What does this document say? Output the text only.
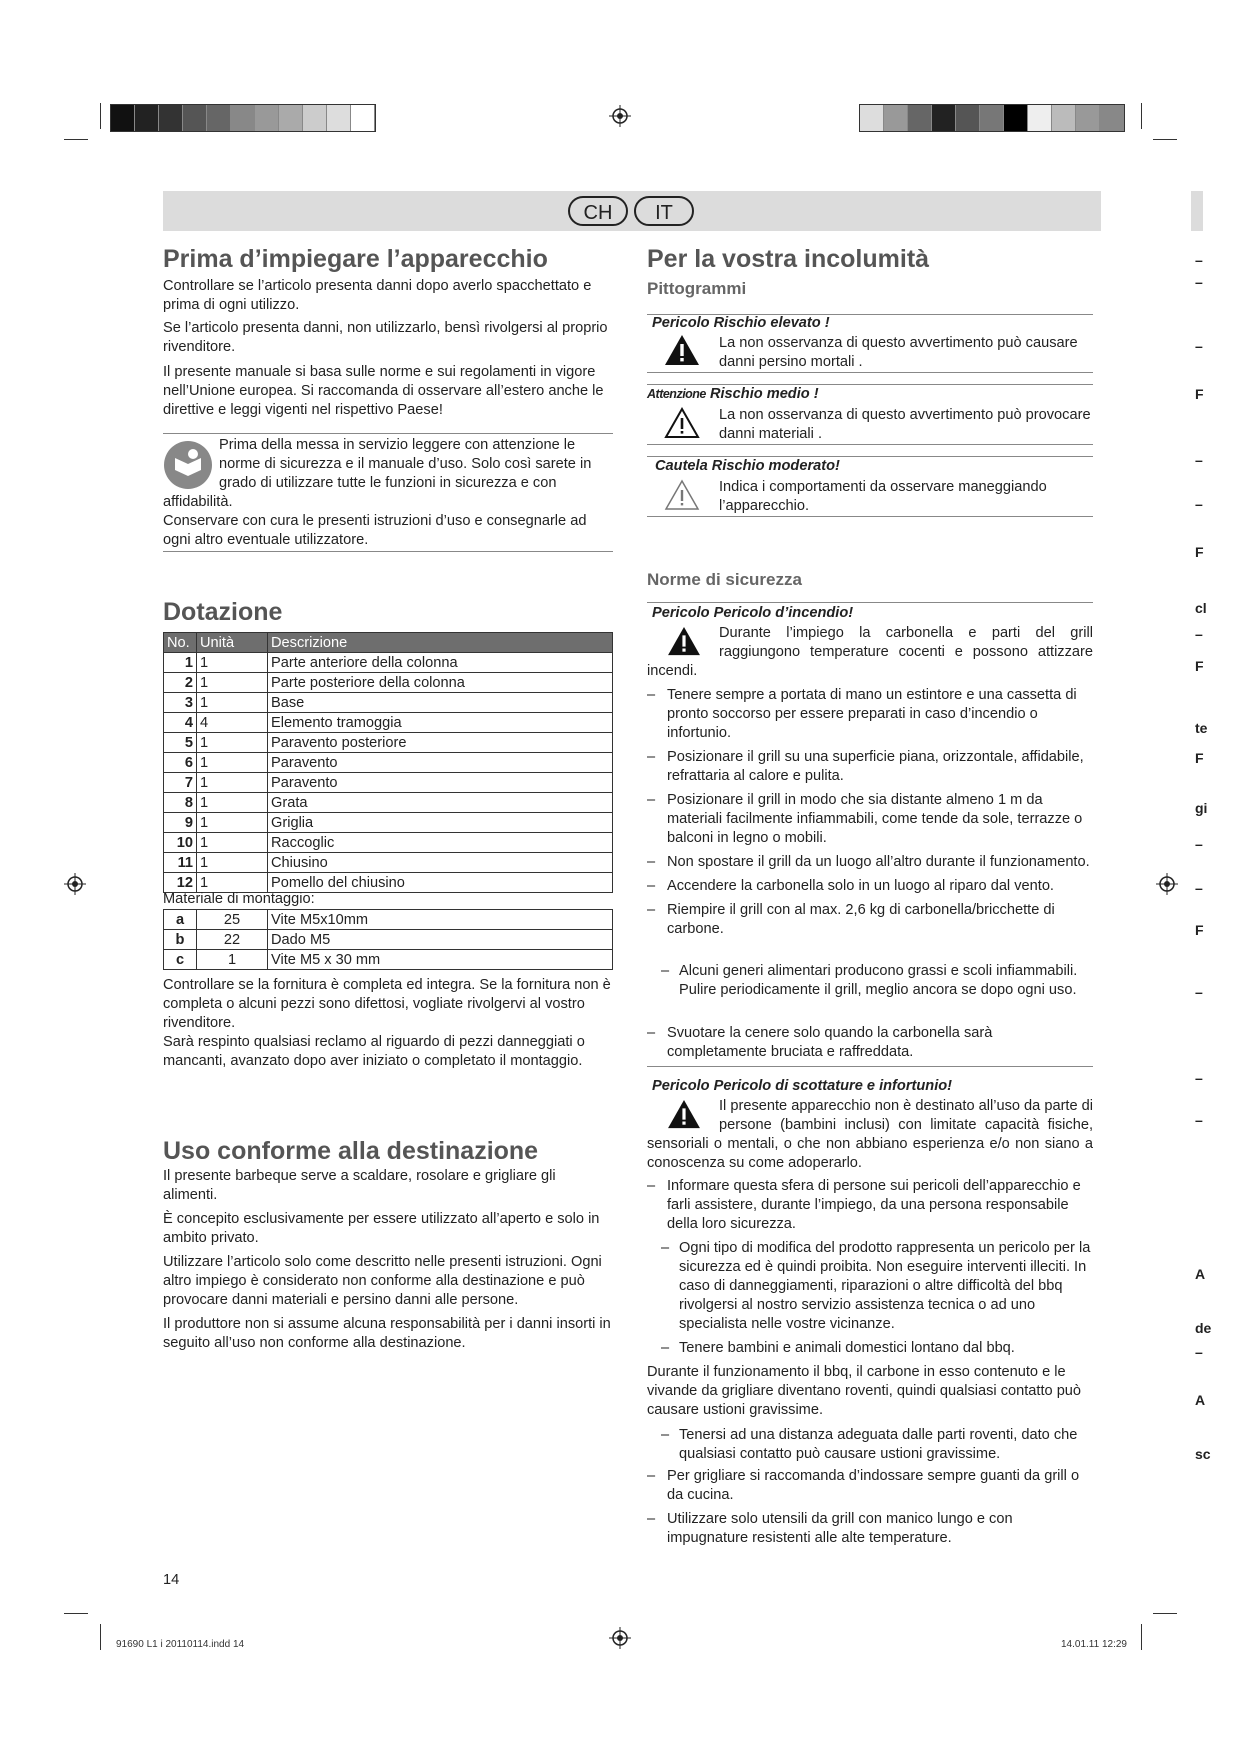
CH	IT
Prima d’impiegare l’apparecchio
Controllare se l’articolo presenta danni dopo averlo spacchettato e prima di ogni utilizzo.
Se l’articolo presenta danni, non utilizzarlo, bensì rivolgersi al proprio rivenditore.
Il presente manuale si basa sulle norme e sui regolamenti in vigore nell’Unione europea. Si raccomanda di osservare all’estero anche le direttive e leggi vigenti nel rispettivo Paese!
Prima della messa in servizio leggere con attenzione le norme di sicurezza e il manuale d’uso. Solo così sarete in grado di utilizzare tutte le funzioni in sicurezza e con affidabilità.
Conservare con cura le presenti istruzioni d’uso e consegnarle ad ogni altro eventuale utilizzatore.
Dotazione
No.	Unità	Descrizione
1	1	Parte anteriore della colonna
2	1	Parte posteriore della colonna
3	1	Base
4	4	Elemento tramoggia
5	1	Paravento posteriore
6	1	Paravento
7	1	Paravento
8	1	Grata
9	1	Griglia
10	1	Raccoglic
11	1	Chiusino
12	1	Pomello del chiusino
Materiale di montaggio:
a	25	Vite M5x10mm
b	22	Dado M5
c	1	Vite M5 x 30 mm
Controllare se la fornitura è completa ed integra. Se la fornitura non è completa o alcuni pezzi sono difettosi, vogliate rivolgervi al vostro rivenditore.
Sarà respinto qualsiasi reclamo al riguardo di pezzi danneggiati o mancanti, avanzato dopo aver iniziato o completato il montaggio.
Uso conforme alla destinazione
Il presente barbeque serve a scaldare, rosolare e grigliare gli alimenti.
È concepito esclusivamente per essere utilizzato all’aperto e solo in ambito privato.
Utilizzare l’articolo solo come descritto nelle presenti istruzioni. Ogni altro impiego è considerato non conforme alla destinazione e può provocare danni materiali e persino danni alle persone.
Il produttore non si assume alcuna responsabilità per i danni insorti in seguito all’uso non conforme alla destinazione.
Per la vostra incolumità
Pittogrammi
Pericolo Rischio elevato !
La non osservanza di questo avvertimento può causare danni persino mortali .
Attenzione Rischio medio !
La non osservanza di questo avvertimento può provocare danni materiali .
Cautela Rischio moderato!
Indica i comportamenti da osservare maneggiando l’apparecchio.
Norme di sicurezza
Pericolo Pericolo d’incendio!
Durante l’impiego la carbonella e parti del grill raggiungono temperature cocenti e possono attizzare incendi.
– Tenere sempre a portata di mano un estintore e una cassetta di pronto soccorso per essere preparati in caso d’incendio o infortunio.
– Posizionare il grill su una superficie piana, orizzontale, affidabile, refrattaria al calore e pulita.
– Posizionare il grill in modo che sia distante almeno 1 m da materiali facilmente infiammabili, come tende da sole, terrazze o balconi in legno o mobili.
– Non spostare il grill da un luogo all’altro durante il funzionamento.
– Accendere la carbonella solo in un luogo al riparo dal vento.
– Riempire il grill con al max. 2,6 kg di carbonella/bricchette di carbone.
– Alcuni generi alimentari producono grassi e scoli infiammabili. Pulire periodicamente il grill, meglio ancora se dopo ogni uso.
– Svuotare la cenere solo quando la carbonella sarà completamente bruciata e raffreddata.
Pericolo Pericolo di scottature e infortunio!
Il presente apparecchio non è destinato all’uso da parte di persone (bambini inclusi) con limitate capacità fisiche, sensoriali o mentali, o che non abbiano esperienza e/o non siano a conoscenza su come adoperarlo.
– Informare questa sfera di persone sui pericoli dell’apparecchio e farli assistere, durante l’impiego, da una persona responsabile della loro sicurezza.
– Ogni tipo di modifica del prodotto rappresenta un pericolo per la sicurezza ed è quindi proibita. Non eseguire interventi illeciti. In caso di danneggiamenti, riparazioni o altre difficoltà del bbq rivolgersi al nostro servizio assistenza tecnica o ad uno specialista nelle vostre vicinanze.
– Tenere bambini e animali domestici lontano dal bbq.
Durante il funzionamento il bbq, il carbone in esso contenuto e le vivande da grigliare diventano roventi, quindi qualsiasi contatto può causare ustioni gravissime.
– Tenersi ad una distanza adeguata dalle parti roventi, dato che qualsiasi contatto può causare ustioni gravissime.
– Per grigliare si raccomanda d’indossare sempre guanti da grill o da cucina.
– Utilizzare solo utensili da grill con manico lungo e con impugnature resistenti alle alte temperature.
–
–
–
F
–
–
F
cl
–
F
te
F
gi
–
–
F
–
–
–
A
de
–
A
sc
14
91690 L1 i 20110114.indd 14	14.01.11 12:29
